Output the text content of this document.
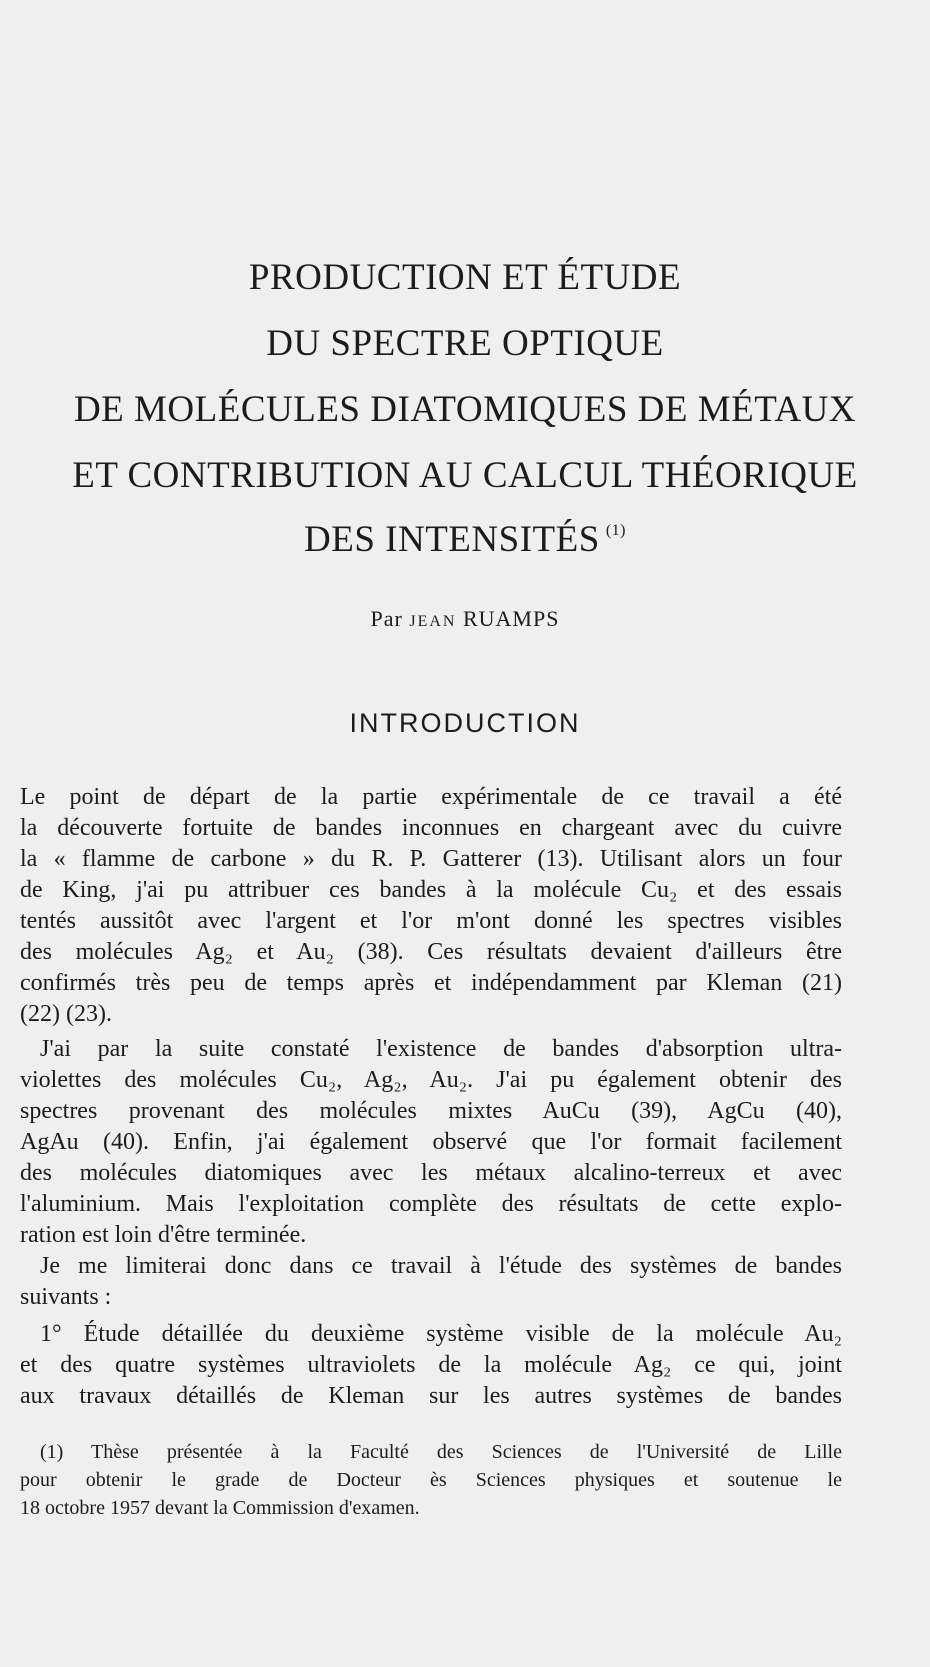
PRODUCTION ET ÉTUDE
DU SPECTRE OPTIQUE
DE MOLÉCULES DIATOMIQUES DE MÉTAUX
ET CONTRIBUTION AU CALCUL THÉORIQUE
DES INTENSITÉS $^{(1)}$
Par JEAN RUAMPS
INTRODUCTION
Le point de départ de la partie expérimentale de ce travail a été
la découverte fortuite de bandes inconnues en chargeant avec du cuivre
la « flamme de carbone » du R. P. Gatterer (13). Utilisant alors un four
de King, j'ai pu attribuer ces bandes à la molécule Cu₂ et des essais
tentés aussitôt avec l'argent et l'or m'ont donné les spectres visibles
des molécules Ag₂ et Au₂ (38). Ces résultats devaient d'ailleurs être
confirmés très peu de temps après et indépendamment par Kleman (21)
(22) (23).
J'ai par la suite constaté l'existence de bandes d'absorption ultra-
violettes des molécules Cu₂, Ag₂, Au₂. J'ai pu également obtenir des
spectres provenant des molécules mixtes AuCu (39), AgCu (40),
AgAu (40). Enfin, j'ai également observé que l'or formait facilement
des molécules diatomiques avec les métaux alcalino-terreux et avec
l'aluminium. Mais l'exploitation complète des résultats de cette explo-
ration est loin d'être terminée.
Je me limiterai donc dans ce travail à l'étude des systèmes de bandes
suivants :
1° Étude détaillée du deuxième système visible de la molécule Au₂
et des quatre systèmes ultraviolets de la molécule Ag₂ ce qui, joint
aux travaux détaillés de Kleman sur les autres systèmes de bandes
(1) Thèse présentée à la Faculté des Sciences de l'Université de Lille
pour obtenir le grade de Docteur ès Sciences physiques et soutenue le
18 octobre 1957 devant la Commission d'examen.
